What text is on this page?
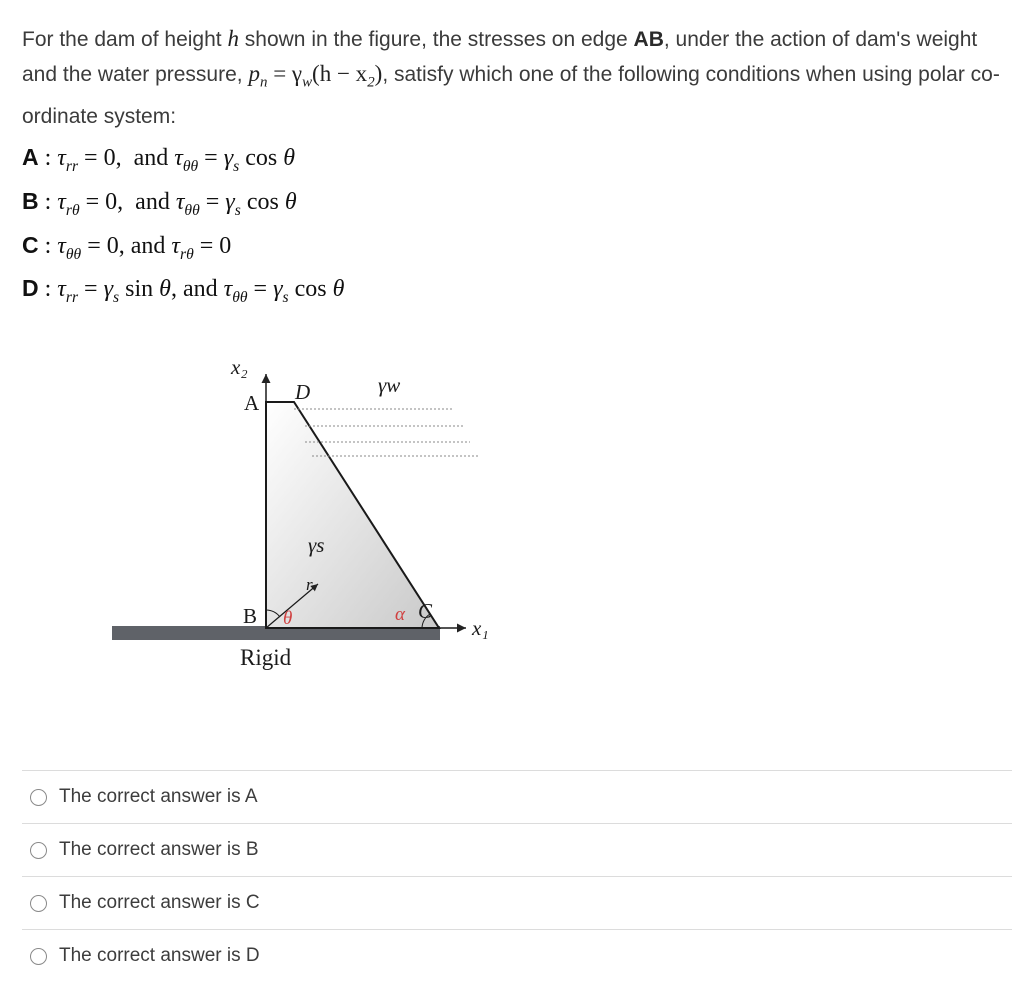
For the dam of height h shown in the figure, the stresses on edge AB, under the action of dam's weight and the water pressure, $p_n = \gamma_w(h - x_2)$, satisfy which one of the following conditions when using polar co-ordinate system:
A : $\tau_{rr} = 0$,  and $\tau_{\theta\theta} = \gamma_s$ cos θ
B : $\tau_{r\theta} = 0$,  and $\tau_{\theta\theta} = \gamma_s$ cos θ
C : $\tau_{\theta\theta} = 0$, and $\tau_{r\theta} = 0$
D : $\tau_{rr} = \gamma_s$ sin θ, and $\tau_{\theta\theta} = \gamma_s$ cos θ
x₂
x₁
γw
γs
r
D
C
θ	α
A
B
Rigid
The correct answer is A
The correct answer is B
The correct answer is C
The correct answer is D
